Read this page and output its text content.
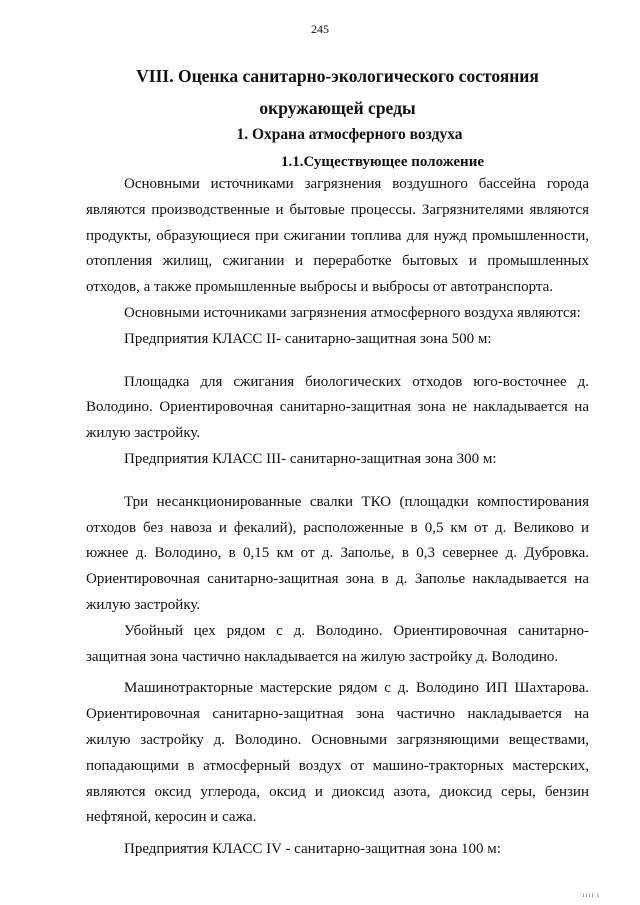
245
VIII. Оценка санитарно-экологического состояния
окружающей среды
1. Охрана атмосферного воздуха
1.1.Существующее положение

Основными источниками загрязнения воздушного бассейна города являются производственные и бытовые процессы. Загрязнителями являются продукты, образующиеся при сжигании топлива для нужд промышленности, отопления жилищ, сжигании и переработке бытовых и промышленных отходов, а также промышленные выбросы и выбросы от автотранспорта.

Основными источниками загрязнения атмосферного воздуха являются:

Предприятия КЛАСС II- санитарно-защитная зона 500 м:

Площадка для сжигания биологических отходов юго-восточнее д. Володино. Ориентировочная санитарно-защитная зона не накладывается на жилую застройку.

Предприятия КЛАСС III- санитарно-защитная зона 300 м:

Три несанкционированные свалки ТКО (площадки компостирования отходов без навоза и фекалий), расположенные в 0,5 км от д. Великово и южнее д. Володино, в 0,15 км от д. Заполье, в 0,3 севернее д. Дубровка. Ориентировочная санитарно-защитная зона в д. Заполье накладывается на жилую застройку.

Убойный цех рядом с д. Володино. Ориентировочная санитарно-защитная зона частично накладывается на жилую застройку д. Володино.

Машинотракторные мастерские рядом с д. Володино ИП Шахтарова. Ориентировочная санитарно-защитная зона частично накладывается на жилую застройку д. Володино. Основными загрязняющими веществами, попадающими в атмосферный воздух от машино-тракторных мастерских, являются оксид углерода, оксид и диоксид азота, диоксид серы, бензин нефтяной, керосин и сажа.

Предприятия КЛАСС IV - санитарно-защитная зона 100 м:

·ıııı ı
